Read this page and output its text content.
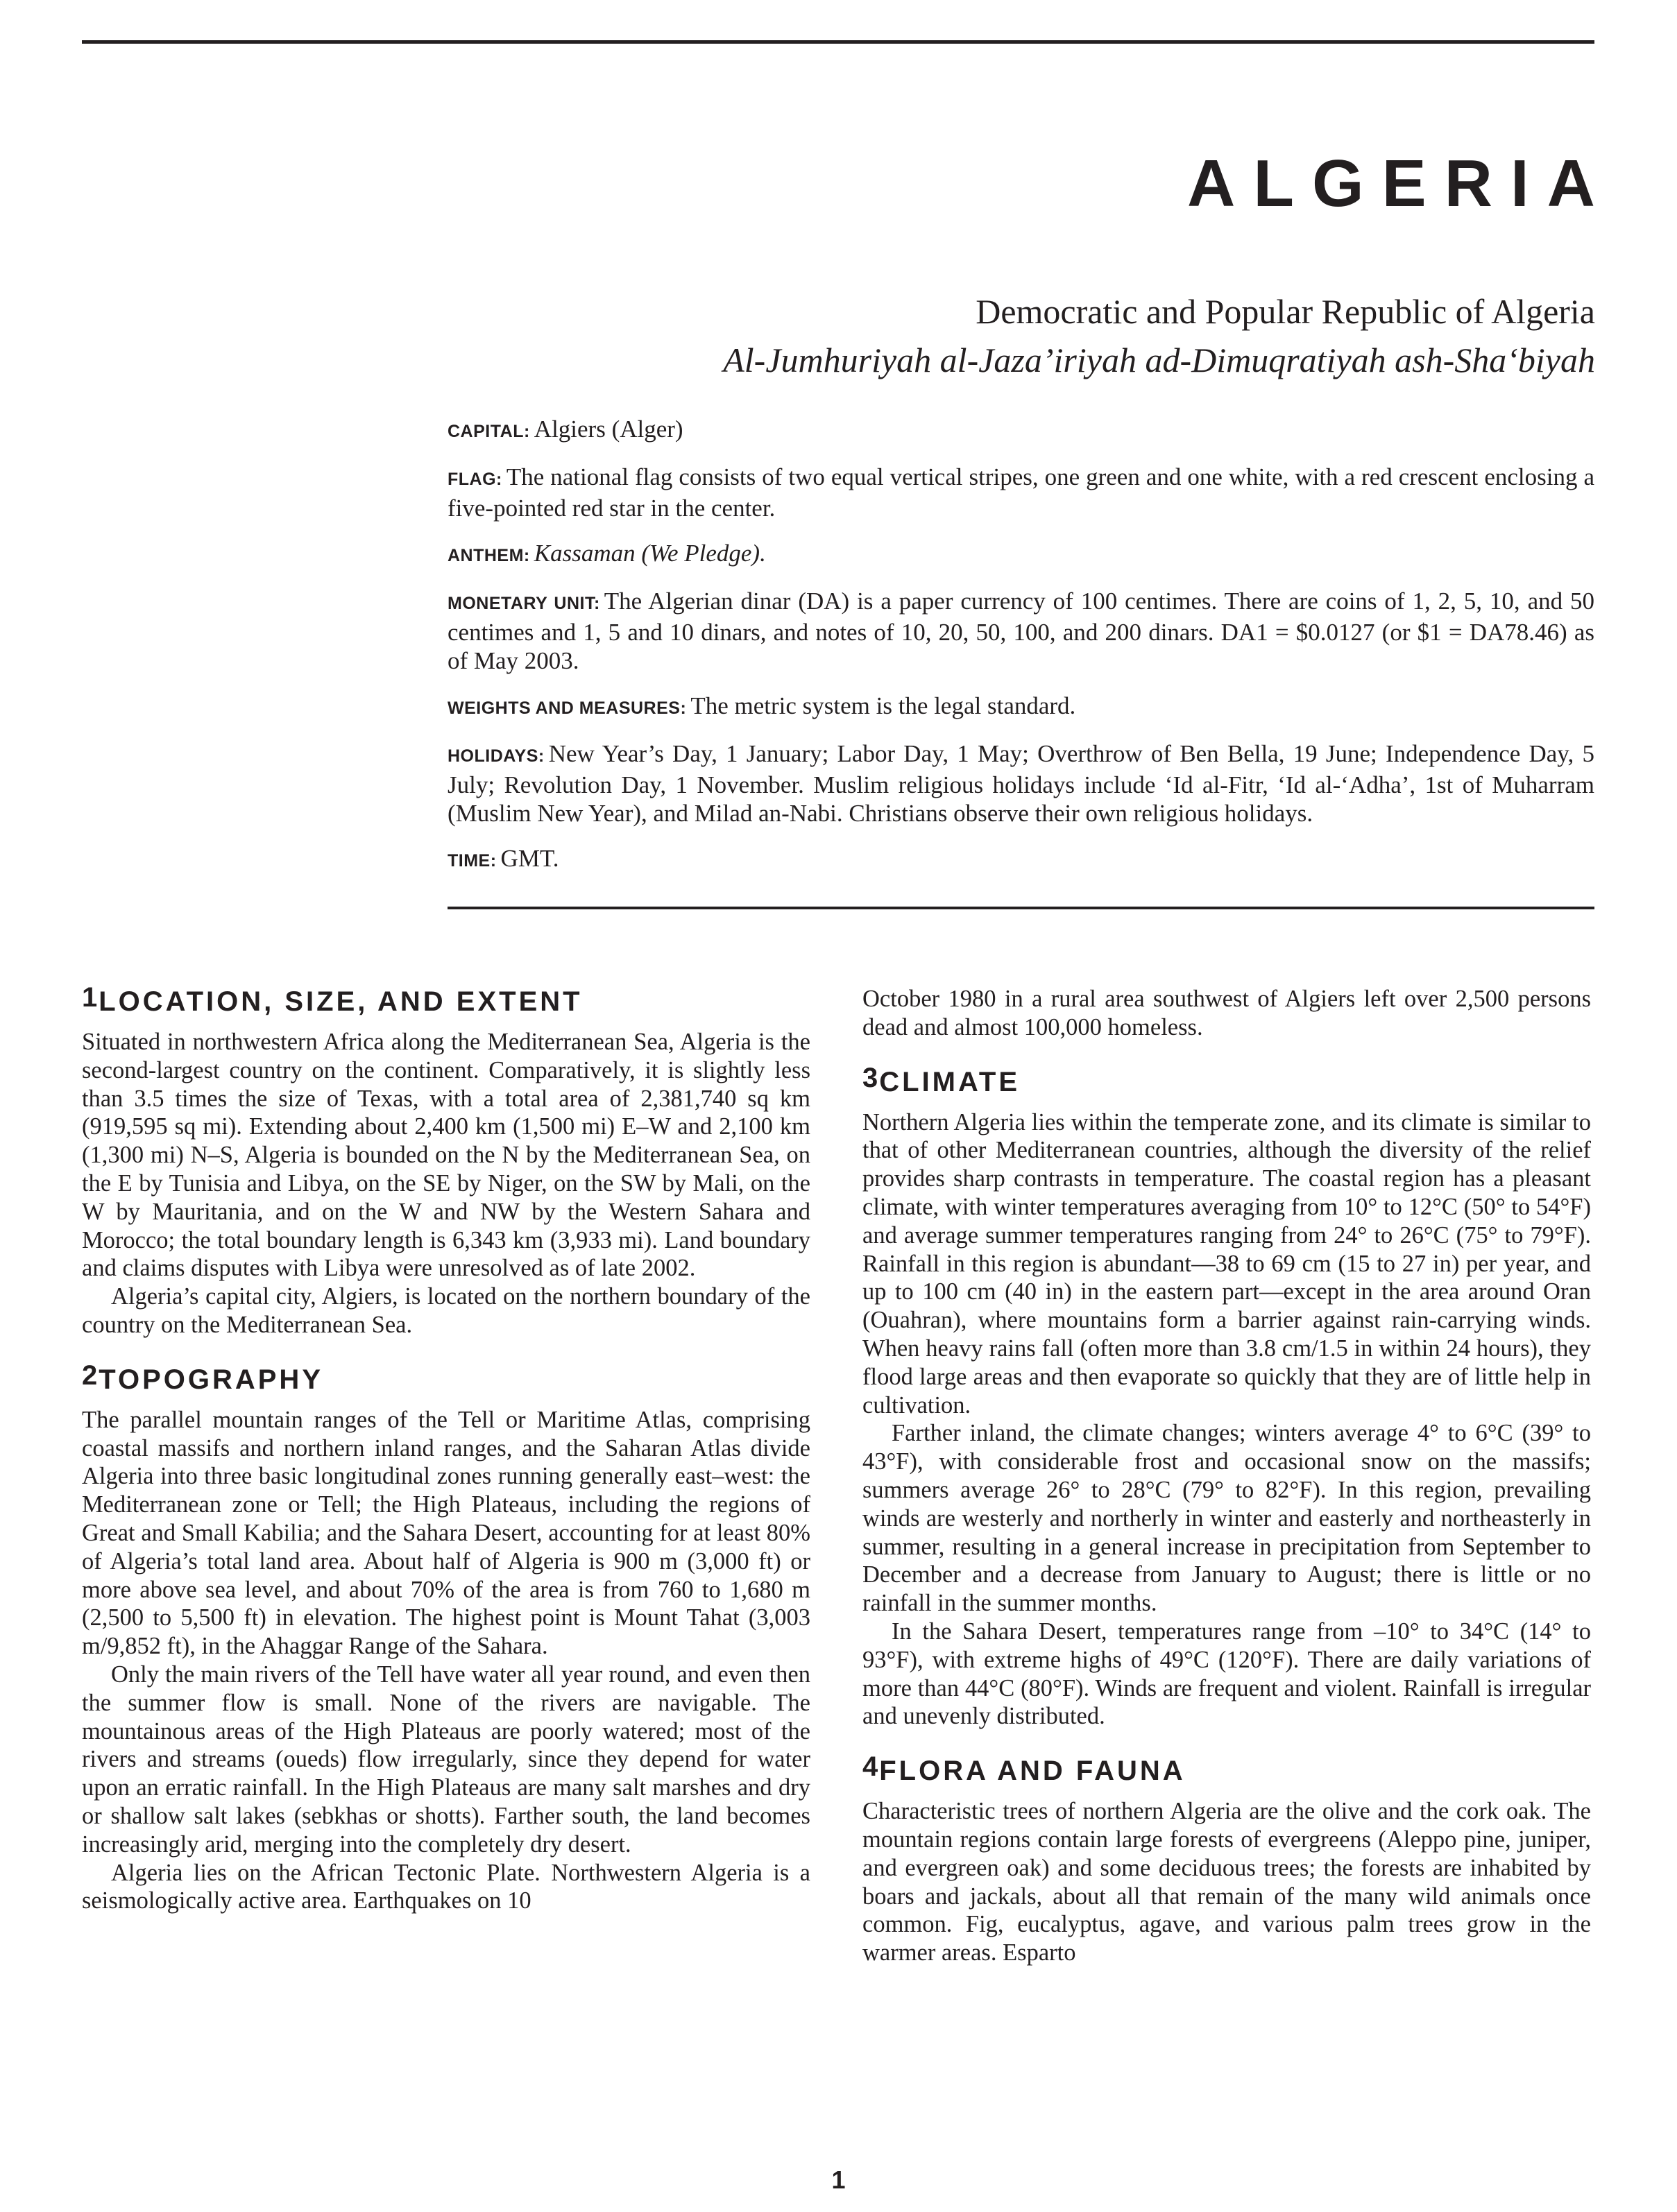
ALGERIA
Democratic and Popular Republic of Algeria
Al-Jumhuriyah al-Jaza’iriyah ad-Dimuqratiyah ash-Sha‘biyah

CAPITAL: Algiers (Alger)

FLAG: The national flag consists of two equal vertical stripes, one green and one white, with a red crescent enclosing a five-pointed red star in the center.

ANTHEM: Kassaman (We Pledge).

MONETARY UNIT: The Algerian dinar (DA) is a paper currency of 100 centimes. There are coins of 1, 2, 5, 10, and 50 centimes and 1, 5 and 10 dinars, and notes of 10, 20, 50, 100, and 200 dinars. DA1 = $0.0127 (or $1 = DA78.46) as of May 2003.

WEIGHTS AND MEASURES: The metric system is the legal standard.

HOLIDAYS: New Year’s Day, 1 January; Labor Day, 1 May; Overthrow of Ben Bella, 19 June; Independence Day, 5 July; Revolution Day, 1 November. Muslim religious holidays include ‘Id al-Fitr, ‘Id al-‘Adha’, 1st of Muharram (Muslim New Year), and Milad an-Nabi. Christians observe their own religious holidays.

TIME: GMT.

1LOCATION, SIZE, AND EXTENT

Situated in northwestern Africa along the Mediterranean Sea, Algeria is the second-largest country on the continent. Comparatively, it is slightly less than 3.5 times the size of Texas, with a total area of 2,381,740 sq km (919,595 sq mi). Extending about 2,400 km (1,500 mi) E–W and 2,100 km (1,300 mi) N–S, Algeria is bounded on the N by the Mediterranean Sea, on the E by Tunisia and Libya, on the SE by Niger, on the SW by Mali, on the W by Mauritania, and on the W and NW by the Western Sahara and Morocco; the total boundary length is 6,343 km (3,933 mi). Land boundary and claims disputes with Libya were unresolved as of late 2002.

Algeria’s capital city, Algiers, is located on the northern boundary of the country on the Mediterranean Sea.

2TOPOGRAPHY

The parallel mountain ranges of the Tell or Maritime Atlas, comprising coastal massifs and northern inland ranges, and the Saharan Atlas divide Algeria into three basic longitudinal zones running generally east–west: the Mediterranean zone or Tell; the High Plateaus, including the regions of Great and Small Kabilia; and the Sahara Desert, accounting for at least 80% of Algeria’s total land area. About half of Algeria is 900 m (3,000 ft) or more above sea level, and about 70% of the area is from 760 to 1,680 m (2,500 to 5,500 ft) in elevation. The highest point is Mount Tahat (3,003 m/9,852 ft), in the Ahaggar Range of the Sahara.

Only the main rivers of the Tell have water all year round, and even then the summer flow is small. None of the rivers are navigable. The mountainous areas of the High Plateaus are poorly watered; most of the rivers and streams (oueds) flow irregularly, since they depend for water upon an erratic rainfall. In the High Plateaus are many salt marshes and dry or shallow salt lakes (sebkhas or shotts). Farther south, the land becomes increasingly arid, merging into the completely dry desert.

Algeria lies on the African Tectonic Plate. Northwestern Algeria is a seismologically active area. Earthquakes on 10

October 1980 in a rural area southwest of Algiers left over 2,500 persons dead and almost 100,000 homeless.

3CLIMATE

Northern Algeria lies within the temperate zone, and its climate is similar to that of other Mediterranean countries, although the diversity of the relief provides sharp contrasts in temperature. The coastal region has a pleasant climate, with winter temperatures averaging from 10° to 12°C (50° to 54°F) and average summer temperatures ranging from 24° to 26°C (75° to 79°F). Rainfall in this region is abundant—38 to 69 cm (15 to 27 in) per year, and up to 100 cm (40 in) in the eastern part—except in the area around Oran (Ouahran), where mountains form a barrier against rain-carrying winds. When heavy rains fall (often more than 3.8 cm/1.5 in within 24 hours), they flood large areas and then evaporate so quickly that they are of little help in cultivation.

Farther inland, the climate changes; winters average 4° to 6°C (39° to 43°F), with considerable frost and occasional snow on the massifs; summers average 26° to 28°C (79° to 82°F). In this region, prevailing winds are westerly and northerly in winter and easterly and northeasterly in summer, resulting in a general increase in precipitation from September to December and a decrease from January to August; there is little or no rainfall in the summer months.

In the Sahara Desert, temperatures range from –10° to 34°C (14° to 93°F), with extreme highs of 49°C (120°F). There are daily variations of more than 44°C (80°F). Winds are frequent and violent. Rainfall is irregular and unevenly distributed.

4FLORA AND FAUNA

Characteristic trees of northern Algeria are the olive and the cork oak. The mountain regions contain large forests of evergreens (Aleppo pine, juniper, and evergreen oak) and some deciduous trees; the forests are inhabited by boars and jackals, about all that remain of the many wild animals once common. Fig, eucalyptus, agave, and various palm trees grow in the warmer areas. Esparto

1
